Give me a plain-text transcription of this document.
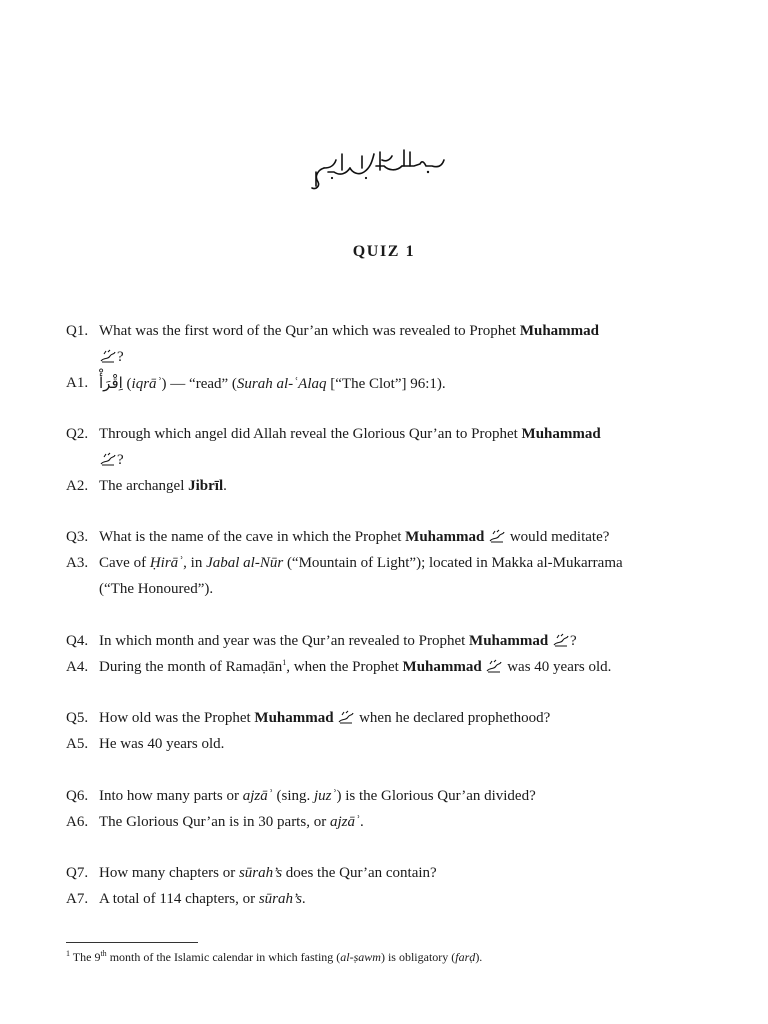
QUIZ 1
Q1. What was the first word of the Qur’an which was revealed to Prophet Muhammad
?
A1. اِقْرَأْ (iqrāʾ) — “read” (Surah al-ʿAlaq [“The Clot”] 96:1).
Q2. Through which angel did Allah reveal the Glorious Qur’an to Prophet Muhammad
?
A2. The archangel Jibrīl.
Q3. What is the name of the cave in which the Prophet Muhammad  would meditate?
A3. Cave of Ḥirāʾ, in Jabal al-Nūr (“Mountain of Light”); located in Makka al-Mukarrama
(“The Honoured”).
Q4. In which month and year was the Qur’an revealed to Prophet Muhammad ?
A4. During the month of Ramaḍān$^1$, when the Prophet Muhammad  was 40 years old.
Q5. How old was the Prophet Muhammad  when he declared prophethood?
A5. He was 40 years old.
Q6. Into how many parts or ajzāʾ (sing. juzʾ) is the Glorious Qur’an divided?
A6. The Glorious Qur’an is in 30 parts, or ajzāʾ.
Q7. How many chapters or sūrah’s does the Qur’an contain?
A7. A total of 114 chapters, or sūrah’s.
$^1$ The 9th month of the Islamic calendar in which fasting (al-ṣawm) is obligatory (farḍ).
